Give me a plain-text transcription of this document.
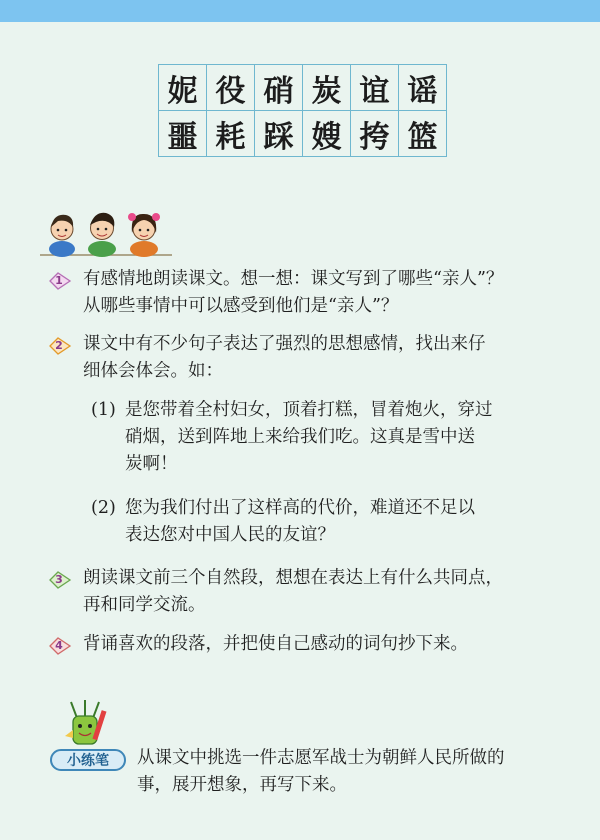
妮 役 硝 炭 谊 谣
噩 耗 踩 嫂 挎 篮
1	有感情地朗读课文。想一想：课文写到了哪些“亲人”？
从哪些事情中可以感受到他们是“亲人”？
2	课文中有不少句子表达了强烈的思想感情，找出来仔
细体会体会。如：
(1) 是您带着全村妇女，顶着打糕，冒着炮火，穿过
硝烟，送到阵地上来给我们吃。这真是雪中送
炭啊！
(2) 您为我们付出了这样高的代价，难道还不足以
表达您对中国人民的友谊？
3	朗读课文前三个自然段，想想在表达上有什么共同点，
再和同学交流。
4	背诵喜欢的段落，并把使自己感动的词句抄下来。
小练笔	从课文中挑选一件志愿军战士为朝鲜人民所做的
事，展开想象，再写下来。
